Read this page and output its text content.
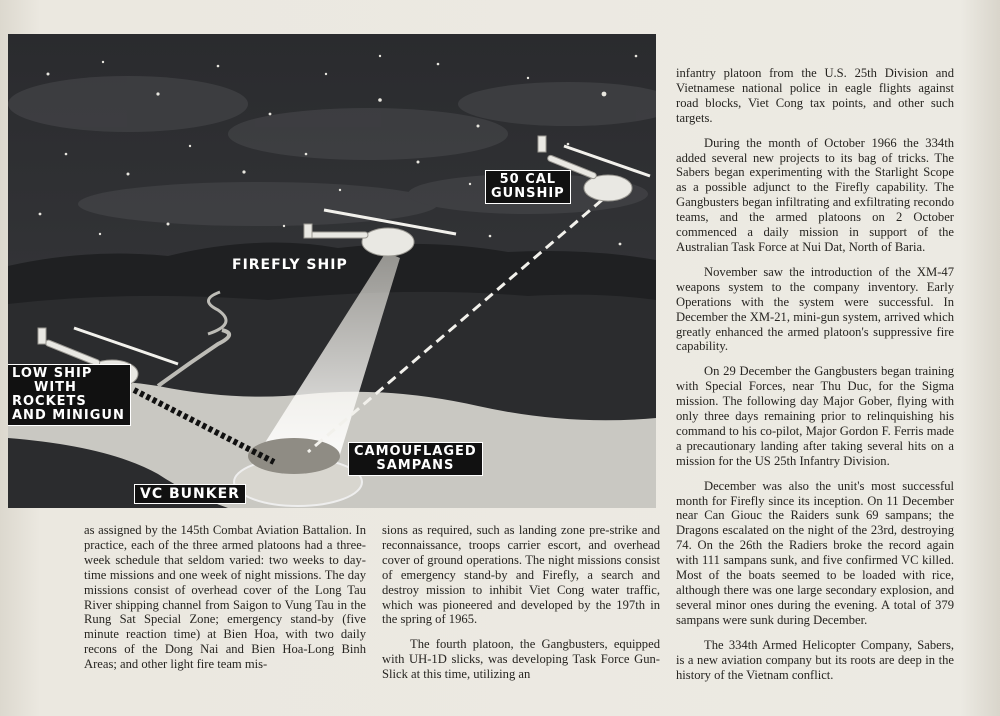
50 CAL
GUNSHIP
FIREFLY SHIP
LOW SHIP
WITH
ROCKETS
AND MINIGUN
CAMOUFLAGED
SAMPANS
VC BUNKER

as assigned by the 145th Combat Aviation Battalion. In practice, each of the three armed platoons had a three-week schedule that seldom varied: two weeks to day-time missions and one week of night missions. The day missions consist of overhead cover of the Long Tau River shipping channel from Saigon to Vung Tau in the Rung Sat Special Zone; emergency stand-by (five minute reaction time) at Bien Hoa, with two daily recons of the Dong Nai and Bien Hoa-Long Binh Areas; and other light fire team mis-

sions as required, such as landing zone pre-strike and reconnaissance, troops carrier escort, and overhead cover of ground operations. The night missions consist of emergency stand-by and Firefly, a search and destroy mission to inhibit Viet Cong water traffic, which was pioneered and developed by the 197th in the spring of 1965.

The fourth platoon, the Gangbusters, equipped with UH-1D slicks, was developing Task Force Gun-Slick at this time, utilizing an

infantry platoon from the U.S. 25th Division and Vietnamese national police in eagle flights against road blocks, Viet Cong tax points, and other such targets.

During the month of October 1966 the 334th added several new projects to its bag of tricks. The Sabers began experimenting with the Starlight Scope as a possible adjunct to the Firefly capability. The Gangbusters began infiltrating and exfiltrating recondo teams, and the armed platoons on 2 October commenced a daily mission in support of the Australian Task Force at Nui Dat, North of Baria.

November saw the introduction of the XM-47 weapons system to the company inventory. Early Operations with the system were successful. In December the XM-21, mini-gun system, arrived which greatly enhanced the armed platoon's suppressive fire capability.

On 29 December the Gangbusters began training with Special Forces, near Thu Duc, for the Sigma mission. The following day Major Gober, flying with only three days remaining prior to relinquishing his command to his co-pilot, Major Gordon F. Ferris made a precautionary landing after taking several hits on a mission for the US 25th Infantry Division.

December was also the unit's most successful month for Firefly since its inception. On 11 December near Can Giouc the Raiders sunk 69 sampans; the Dragons escalated on the night of the 23rd, destroying 74. On the 26th the Radiers broke the record again with 111 sampans sunk, and five confirmed VC killed. Most of the boats seemed to be loaded with rice, although there was one large secondary explosion, and several minor ones during the evening. A total of 379 sampans were sunk during December.

The 334th Armed Helicopter Company, Sabers, is a new aviation company but its roots are deep in the history of the Vietnam conflict.
